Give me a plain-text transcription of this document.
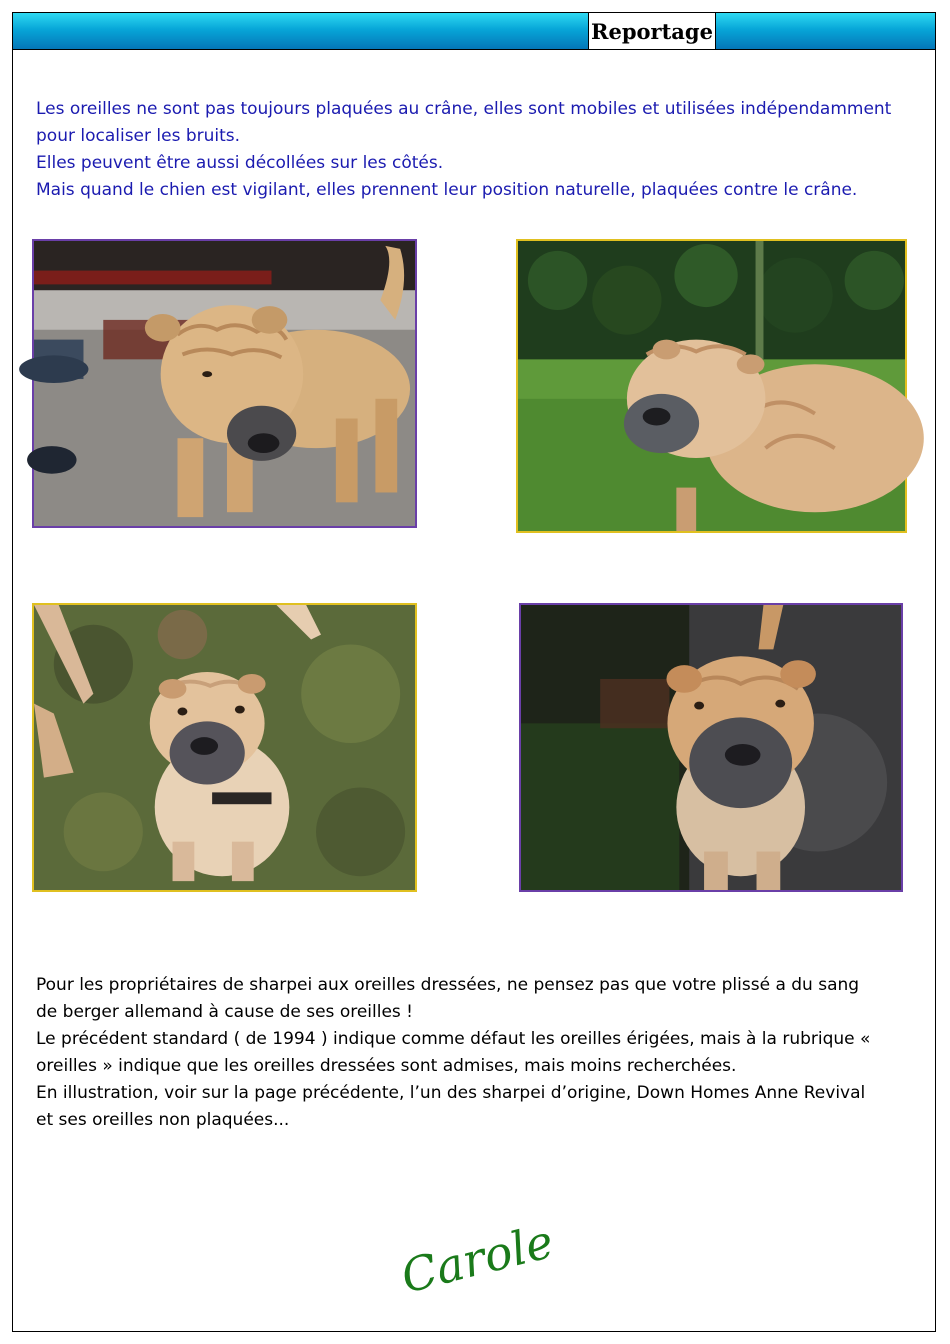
Reportage

Les oreilles ne sont pas toujours plaquées au crâne, elles sont mobiles et utilisées indépendamment

pour localiser les bruits.

Elles peuvent être aussi décollées sur les côtés.

Mais quand le chien est vigilant, elles prennent leur position naturelle, plaquées contre le crâne.

Pour les propriétaires de sharpei aux oreilles dressées, ne pensez pas que votre plissé a du sang

de berger allemand à cause de ses oreilles !

Le précédent standard ( de 1994 ) indique comme défaut les oreilles érigées, mais à la rubrique «

oreilles » indique que les oreilles dressées sont admises, mais moins recherchées.

En illustration, voir sur la page précédente, l’un des sharpei d’origine, Down Homes Anne Revival

et ses oreilles non plaquées...

Carole
